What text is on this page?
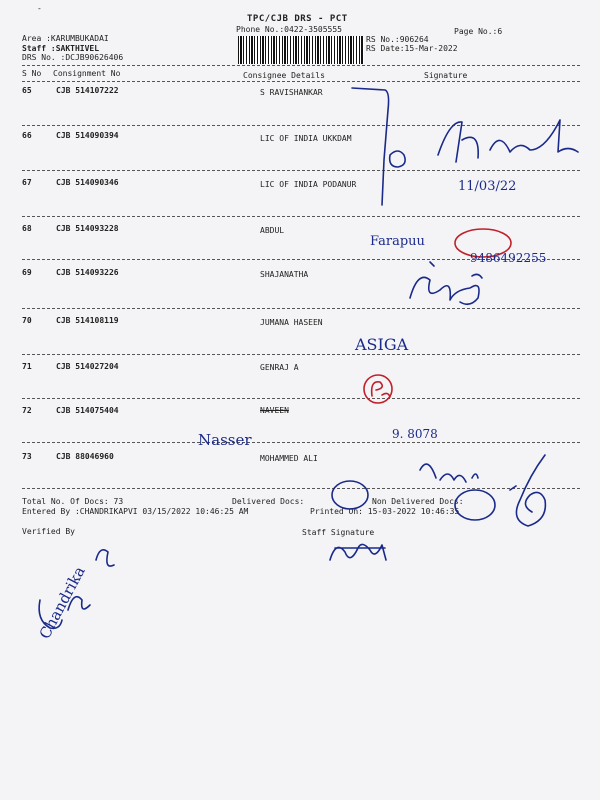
-
TPC/CJB DRS - PCT
Phone No.:0422-3505555	Page No.:6
Area :KARUMBUKADAI
Staff :SAKTHIVEL
DRS No. :DCJB90626406
RS No.:906264
RS Date:15-Mar-2022
S No Consignment No	Consignee Details	Signature
65	CJB 514107222	S RAVISHANKAR
66	CJB 514090394	LIC OF INDIA UKKDAM
67	CJB 514090346	LIC OF INDIA PODANUR
68	CJB 514093228	ABDUL
69	CJB 514093226	SHAJANATHA
70	CJB 514108119	JUMANA HASEEN
71	CJB 514027204	GENRAJ A
72	CJB 514075404	NAVEEN
73	CJB 88046960	MOHAMMED ALI
Total No. Of Docs: 73	Delivered Docs:	Non Delivered Docs:
Entered By :CHANDRIKAPVI 03/15/2022 10:46:25 AM	Printed On: 15-03-2022 10:46:35
Verified By	Staff Signature
11/03/22
Farapuu
9486492255
ASIGA
Nasser	9. 8078
Chandrika
